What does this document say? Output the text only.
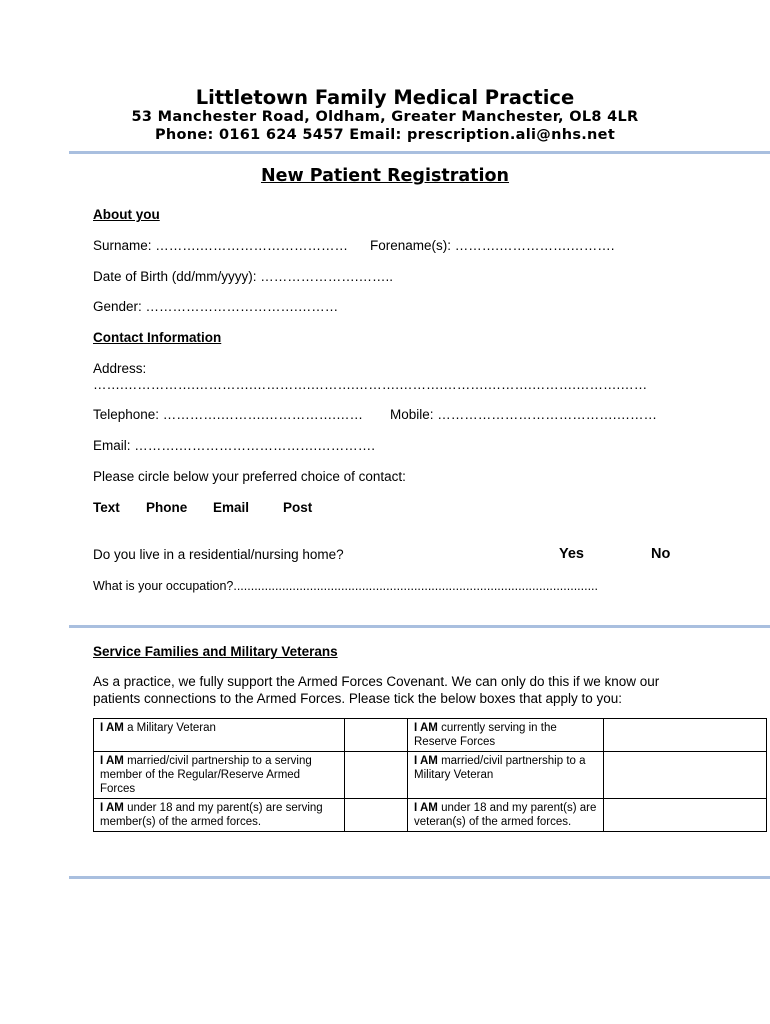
Littletown Family Medical Practice
53 Manchester Road, Oldham, Greater Manchester, OL8 4LR
Phone: 0161 624 5457 Email: prescription.ali@nhs.net
New Patient Registration
About you
Surname: ……….…………………………… Forename(s): ……….…………….……….
Date of Birth (dd/mm/yyyy): ………………….……..
Gender: …………………………….………
Contact Information
Address:
…….…………….………….………….……….……….……….……….……….……….……….……
Telephone: ………….……….…………….…… Mobile: ………………………………….………
Email: ……….………………………….………….
Please circle below your preferred choice of contact:
Text Phone Email	Post
Do you live in a residential/nursing home?	Yes	No
What is your occupation?.........................................................................................................
Service Families and Military Veterans
As a practice, we fully support the Armed Forces Covenant. We can only do this if we know our patients connections to the Armed Forces. Please tick the below boxes that apply to you:
I AM a Military Veteran		I AM currently serving in the Reserve Forces	
I AM married/civil partnership to a serving member of the Regular/Reserve Armed Forces		I AM married/civil partnership to a Military Veteran	
I AM under 18 and my parent(s) are serving member(s) of the armed forces.		I AM under 18 and my parent(s) are veteran(s) of the armed forces.	
